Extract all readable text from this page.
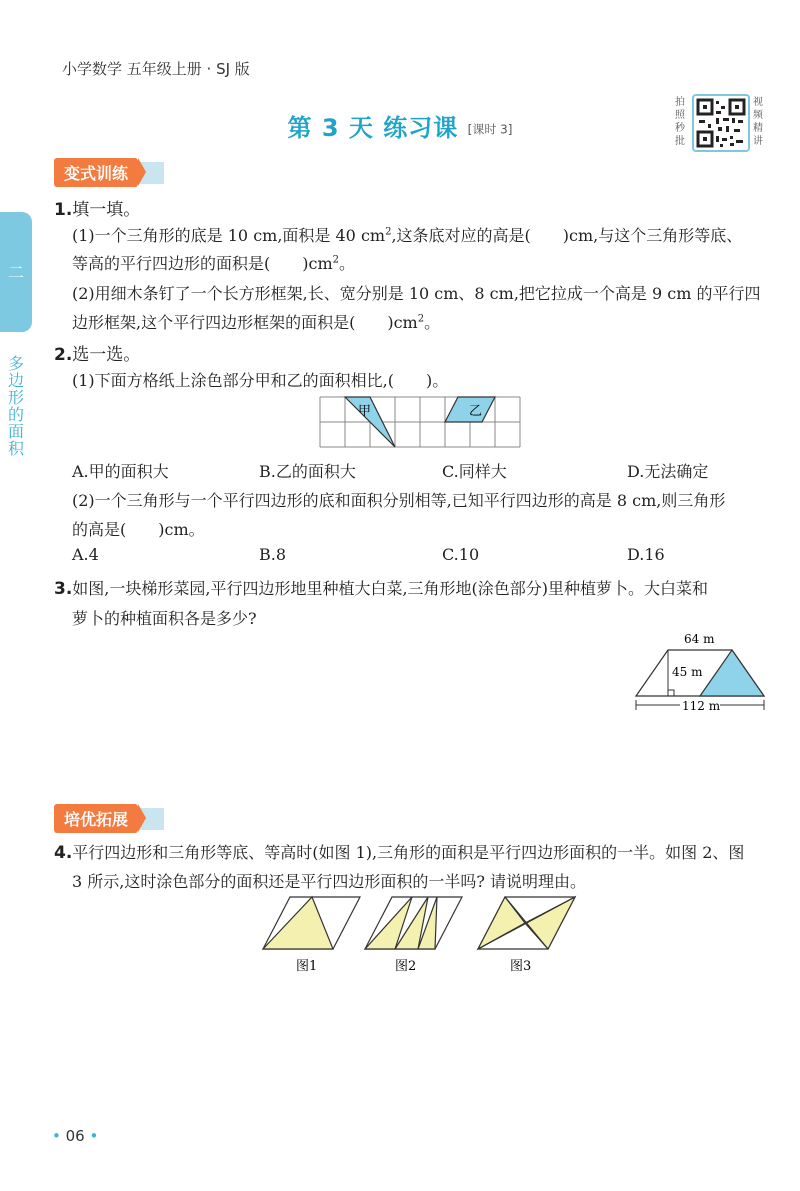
小学数学 五年级上册 · SJ 版
第 3 天 练习课 [课时 3]
拍
照
秒
批
视
频
精
讲
二
多边形的面积
变式训练
1.填一填。
(1)一个三角形的底是 10 cm,面积是 40 $cm^2$,这条底对应的高是(　　)cm,与这个三角形等底、
等高的平行四边形的面积是(　　)$cm^2$。
(2)用细木条钉了一个长方形框架,长、宽分别是 10 cm、8 cm,把它拉成一个高是 9 cm 的平行四
边形框架,这个平行四边形框架的面积是(　　)$cm^2$。
2.选一选。
(1)下面方格纸上涂色部分甲和乙的面积相比,(　　)。
甲	乙
A.甲的面积大	B.乙的面积大	C.同样大	D.无法确定
(2)一个三角形与一个平行四边形的底和面积分别相等,已知平行四边形的高是 8 cm,则三角形
的高是(　　)cm。
A.4	B.8	C.10	D.16
3.如图,一块梯形菜园,平行四边形地里种植大白菜,三角形地(涂色部分)里种植萝卜。大白菜和
萝卜的种植面积各是多少?
64 m
45 m
112 m
培优拓展
4.平行四边形和三角形等底、等高时(如图 1),三角形的面积是平行四边形面积的一半。如图 2、图
3 所示,这时涂色部分的面积还是平行四边形面积的一半吗? 请说明理由。
图1	图2	图3
• 06 •
